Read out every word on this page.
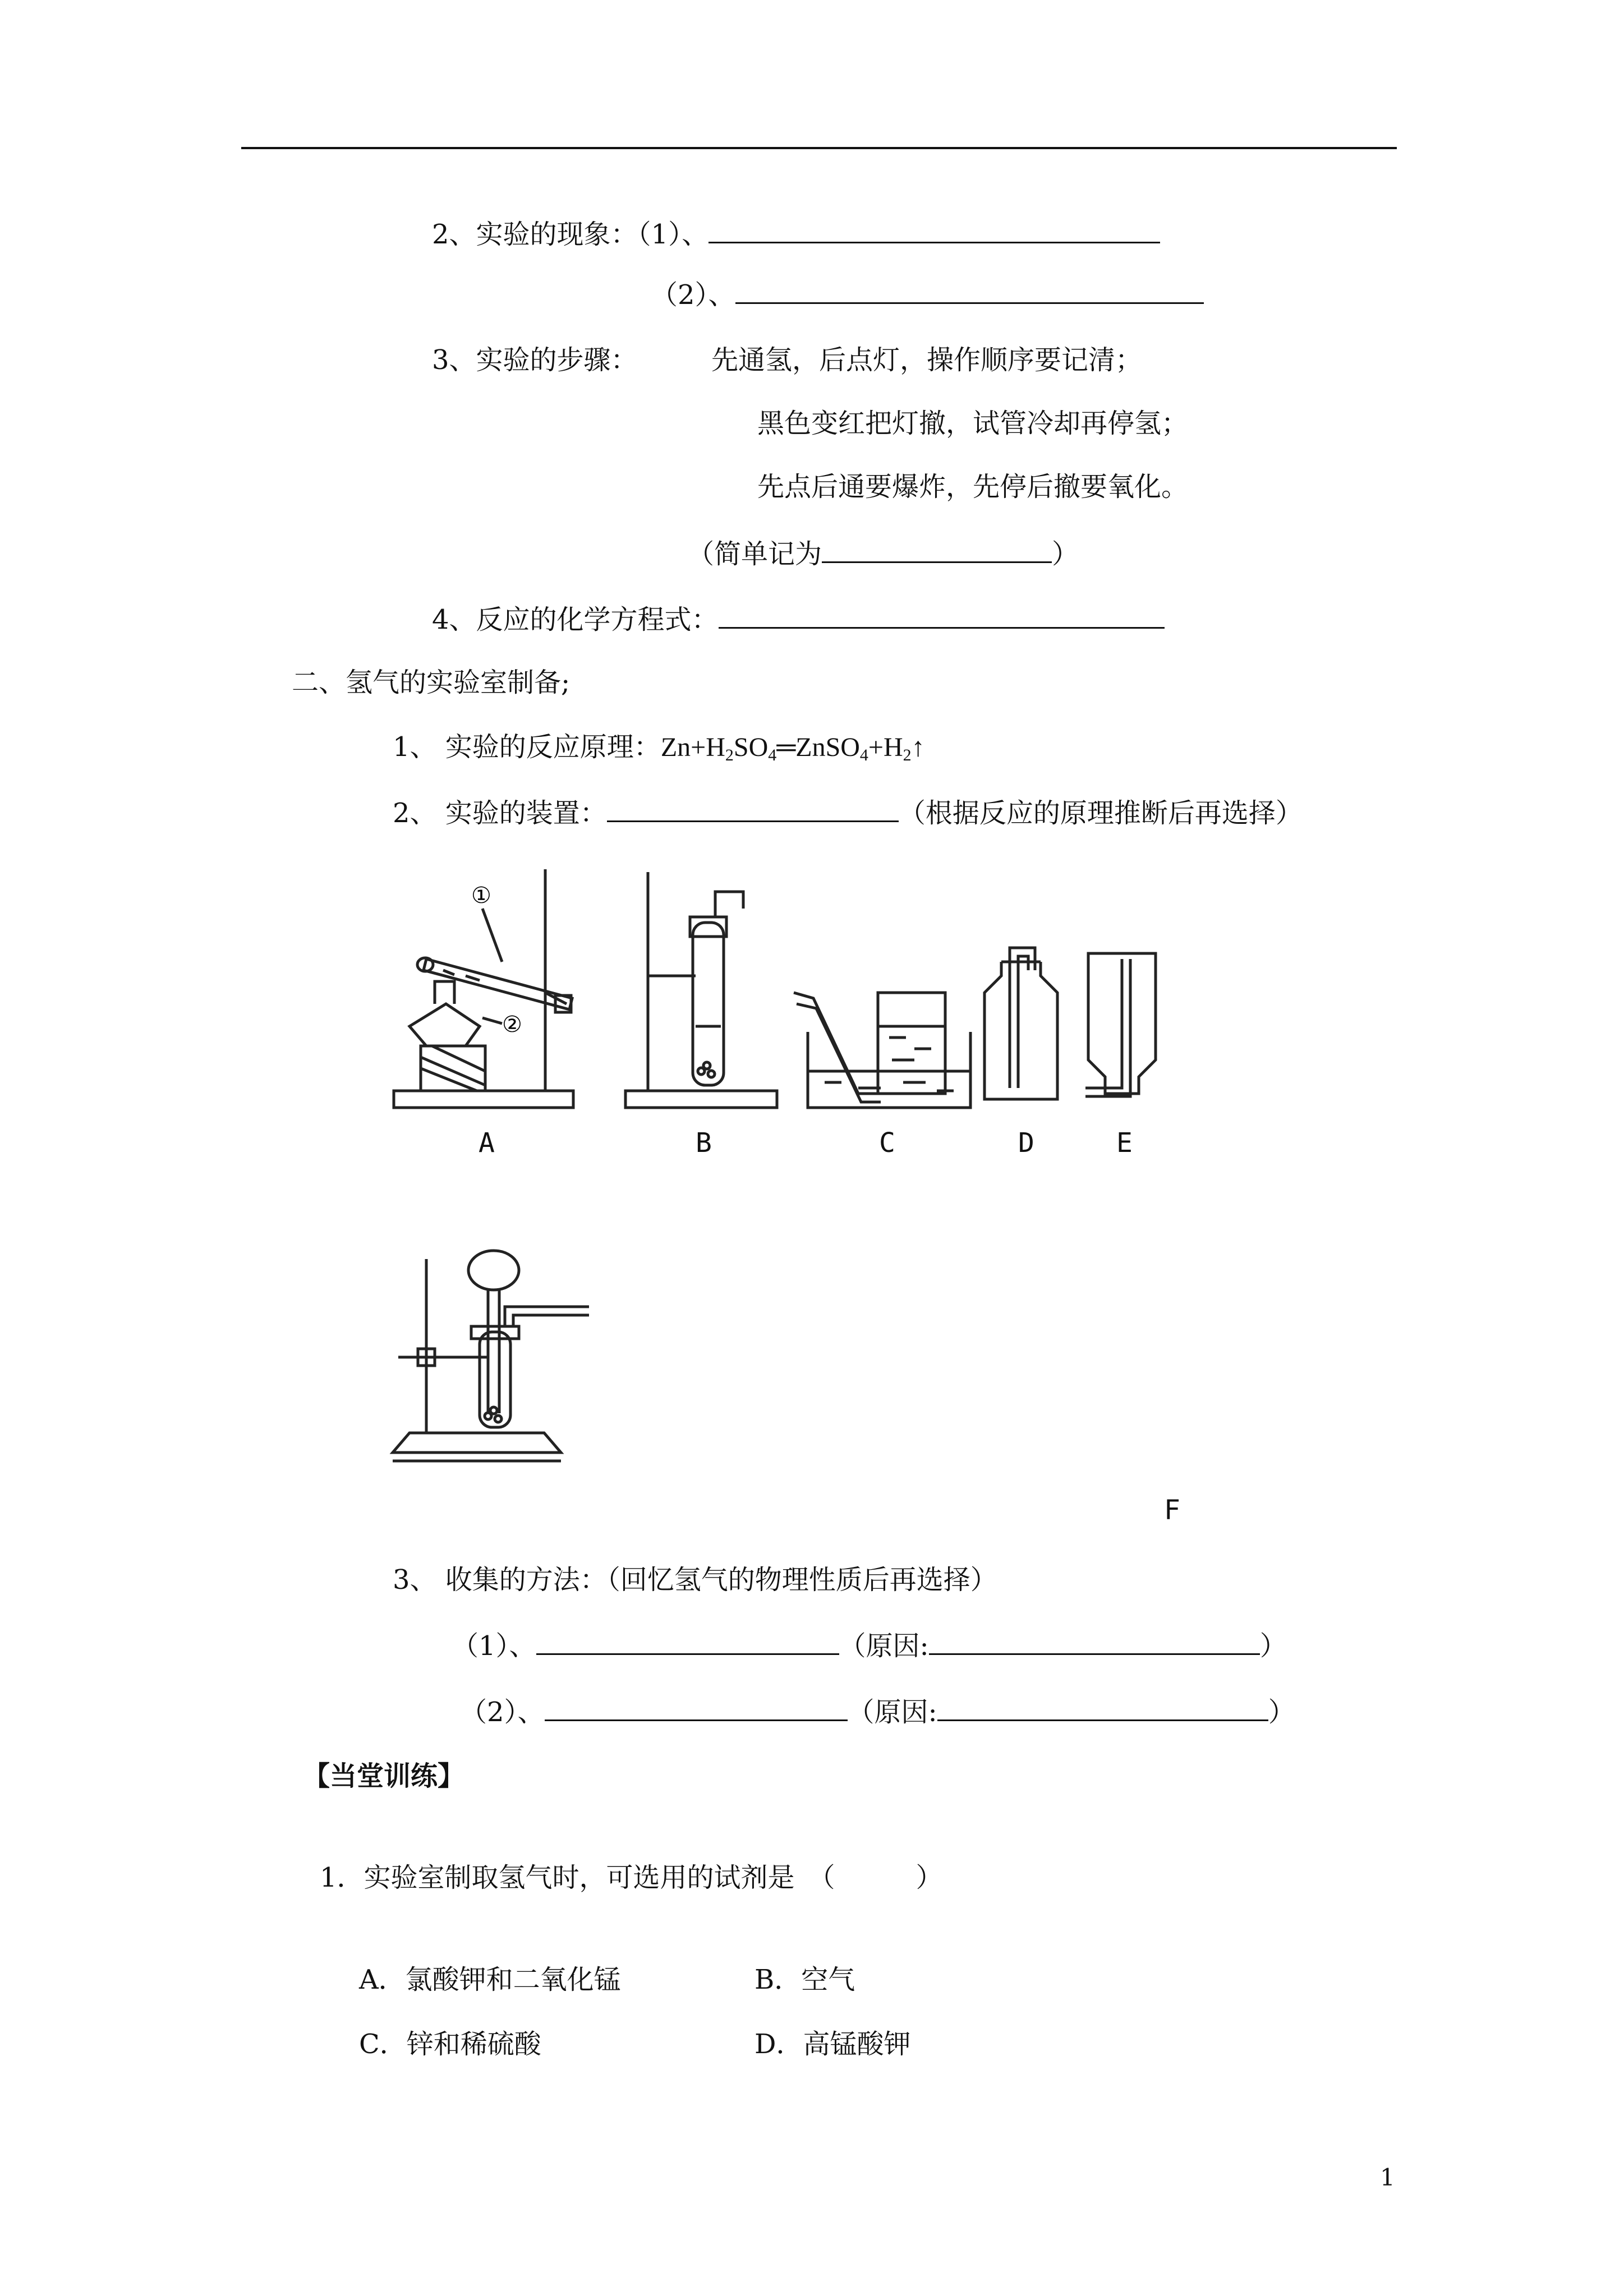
2、实验的现象：（1）、
（2）、
3、实验的步骤：	先通氢，后点灯，操作顺序要记清；
黑色变红把灯撤，试管冷却再停氢；
先点后通要爆炸，先停后撤要氧化。
（简单记为	）
4、反应的化学方程式：
二、氢气的实验室制备;
1、 实验的反应原理：$Zn+H_2SO_4═ZnSO_4+H_2↑$
2、 实验的装置：	（根据反应的原理推断后再选择）
①
②
A	B	C	D	E
F
3、 收集的方法：（回忆氢气的物理性质后再选择）
（1）、	（原因:	）
（2）、	（原因:	）
【当堂训练】
1．实验室制取氢气时，可选用的试剂是　（　　　）
A．氯酸钾和二氧化锰	B．空气
C．锌和稀硫酸	D．高锰酸钾
1
